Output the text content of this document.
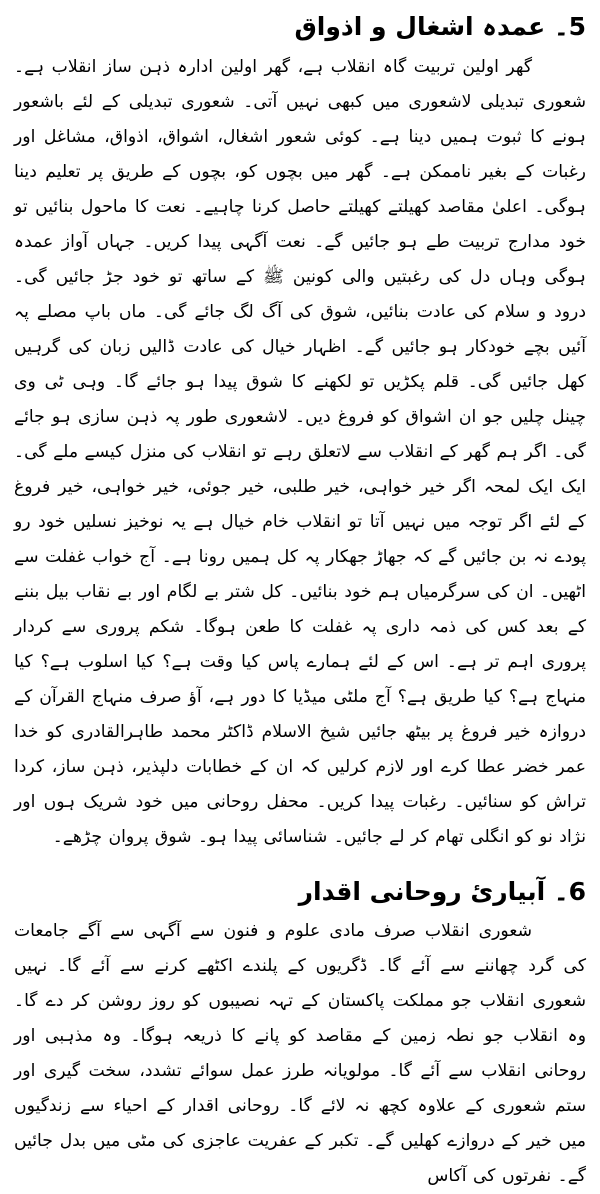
5۔ عمدہ اشغال و اذواق

گھر اولین تربیت گاہ انقلاب ہے، گھر اولین ادارہ ذہن ساز انقلاب ہے۔ شعوری تبدیلی لاشعوری میں کبھی نہیں آتی۔ شعوری تبدیلی کے لئے باشعور ہونے کا ثبوت ہمیں دینا ہے۔ کوئی شعور اشغال، اشواق، اذواق، مشاغل اور رغبات کے بغیر ناممکن ہے۔ گھر میں بچوں کو، بچوں کے طریق پر تعلیم دینا ہوگی۔ اعلیٰ مقاصد کھیلتے کھیلتے حاصل کرنا چاہیے۔ نعت کا ماحول بنائیں تو خود مدارج تربیت طے ہو جائیں گے۔ نعت آگہی پیدا کریں۔ جہاں آواز عمدہ ہوگی وہاں دل کی رغبتیں والی کونین ﷺ کے ساتھ تو خود جڑ جائیں گی۔ درود و سلام کی عادت بنائیں، شوق کی آگ لگ جائے گی۔ ماں باپ مصلے پہ آئیں بچے خودکار ہو جائیں گے۔ اظہار خیال کی عادت ڈالیں زبان کی گرہیں کھل جائیں گی۔ قلم پکڑیں تو لکھنے کا شوق پیدا ہو جائے گا۔ وہی ٹی وی چینل چلیں جو ان اشواق کو فروغ دیں۔ لاشعوری طور پہ ذہن سازی ہو جائے گی۔ اگر ہم گھر کے انقلاب سے لاتعلق رہے تو انقلاب کی منزل کیسے ملے گی۔ ایک ایک لمحہ اگر خیر خواہی، خیر طلبی، خیر جوئی، خیر خواہی، خیر فروغ کے لئے اگر توجہ میں نہیں آتا تو انقلاب خام خیال ہے یہ نوخیز نسلیں خود رو پودے نہ بن جائیں گے کہ جھاڑ جھکار پہ کل ہمیں رونا ہے۔ آج خواب غفلت سے اٹھیں۔ ان کی سرگرمیاں ہم خود بنائیں۔ کل شتر بے لگام اور بے نقاب بیل بننے کے بعد کس کی ذمہ داری پہ غفلت کا طعن ہوگا۔ شکم پروری سے کردار پروری اہم تر ہے۔ اس کے لئے ہمارے پاس کیا وقت ہے؟ کیا اسلوب ہے؟ کیا منہاج ہے؟ کیا طریق ہے؟ آج ملٹی میڈیا کا دور ہے، آؤ صرف منہاج القرآن کے دروازہ خیر فروغ پر بیٹھ جائیں شیخ الاسلام ڈاکٹر محمد طاہرالقادری کو خدا عمر خضر عطا کرے اور لازم کرلیں کہ ان کے خطابات دلپذیر، ذہن ساز، کردا تراش کو سنائیں۔ رغبات پیدا کریں۔ محفل روحانی میں خود شریک ہوں اور نژاد نو کو انگلی تھام کر لے جائیں۔ شناسائی پیدا ہو۔ شوق پروان چڑھے۔

6۔ آبیاریٔ روحانی اقدار

شعوری انقلاب صرف مادی علوم و فنون سے آگہی سے آگے جامعات کی گرد چھاننے سے آئے گا۔ ڈگریوں کے پلندے اکٹھے کرنے سے آئے گا۔ نہیں شعوری انقلاب جو مملکت پاکستان کے تہہ نصیبوں کو روز روشن کر دے گا۔ وہ انقلاب جو نطہ زمین کے مقاصد کو پانے کا ذریعہ ہوگا۔ وہ مذہبی اور روحانی انقلاب سے آئے گا۔ مولویانہ طرز عمل سوائے تشدد، سخت گیری اور ستم شعوری کے علاوہ کچھ نہ لائے گا۔ روحانی اقدار کے احیاء سے زندگیوں میں خیر کے دروازے کھلیں گے۔ تکبر کے عفریت عاجزی کی مٹی میں بدل جائیں گے۔ نفرتوں کی آکاس
